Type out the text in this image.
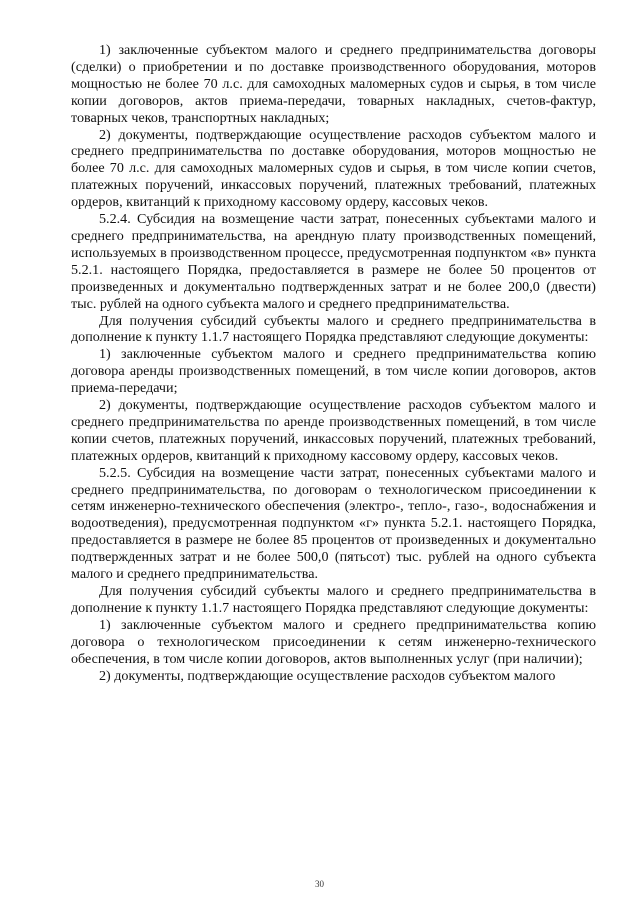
1) заключенные субъектом малого и среднего предпринимательства договоры (сделки) о приобретении и по доставке производственного оборудования, моторов мощностью не более 70 л.с. для самоходных маломерных судов и сырья, в том числе копии договоров, актов приема-передачи, товарных накладных, счетов-фактур, товарных чеков, транспортных накладных;

2) документы, подтверждающие осуществление расходов субъектом малого и среднего предпринимательства по доставке оборудования, моторов мощностью не более 70 л.с. для самоходных маломерных судов и сырья, в том числе копии счетов, платежных поручений, инкассовых поручений, платежных требований, платежных ордеров, квитанций к приходному кассовому ордеру, кассовых чеков.

5.2.4. Субсидия на возмещение части затрат, понесенных субъектами малого и среднего предпринимательства, на арендную плату производственных помещений, используемых в производственном процессе, предусмотренная подпунктом «в» пункта 5.2.1. настоящего Порядка, предоставляется в размере не более 50 процентов от произведенных и документально подтвержденных затрат и не более 200,0 (двести) тыс. рублей на одного субъекта малого и среднего предпринимательства.

Для получения субсидий субъекты малого и среднего предпринимательства в дополнение к пункту 1.1.7 настоящего Порядка представляют следующие документы:

1) заключенные субъектом малого и среднего предпринимательства копию договора аренды производственных помещений, в том числе копии договоров, актов приема-передачи;

2) документы, подтверждающие осуществление расходов субъектом малого и среднего предпринимательства по аренде производственных помещений, в том числе копии счетов, платежных поручений, инкассовых поручений, платежных требований, платежных ордеров, квитанций к приходному кассовому ордеру, кассовых чеков.

5.2.5. Субсидия на возмещение части затрат, понесенных субъектами малого и среднего предпринимательства, по договорам о технологическом присоединении к сетям инженерно-технического обеспечения (электро-, тепло-, газо-, водоснабжения и водоотведения), предусмотренная подпунктом «г» пункта 5.2.1. настоящего Порядка, предоставляется в размере не более 85 процентов от произведенных и документально подтвержденных затрат и не более 500,0 (пятьсот) тыс. рублей на одного субъекта малого и среднего предпринимательства.

Для получения субсидий субъекты малого и среднего предпринимательства в дополнение к пункту 1.1.7 настоящего Порядка представляют следующие документы:

1) заключенные субъектом малого и среднего предпринимательства копию договора о технологическом присоединении к сетям инженерно-технического обеспечения, в том числе копии договоров, актов выполненных услуг (при наличии);

2) документы, подтверждающие осуществление расходов субъектом малого

30
